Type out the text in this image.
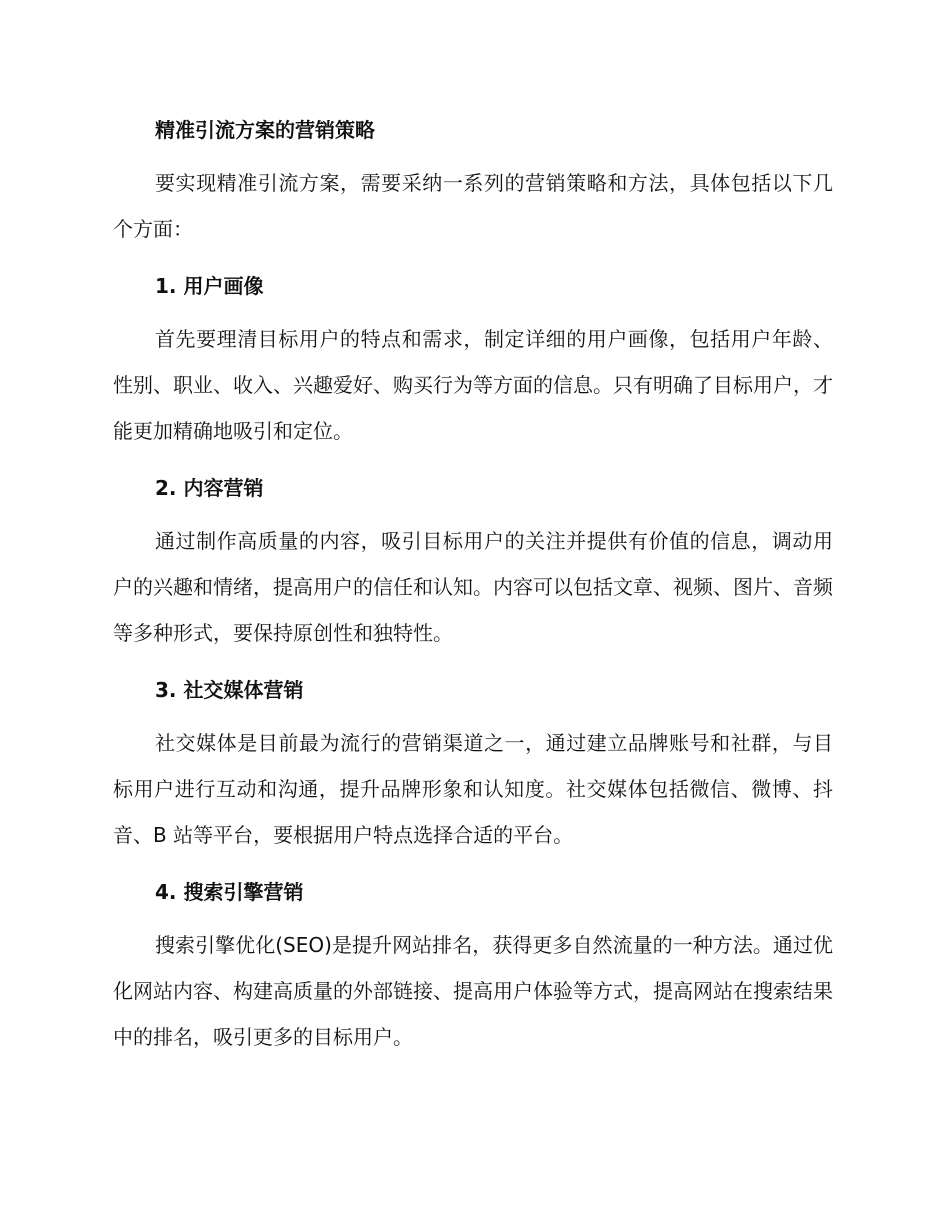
精准引流方案的营销策略

要实现精准引流方案，需要采纳一系列的营销策略和方法，具体包括以下几个方面：

1. 用户画像

首先要理清目标用户的特点和需求，制定详细的用户画像，包括用户年龄、性别、职业、收入、兴趣爱好、购买行为等方面的信息。只有明确了目标用户，才能更加精确地吸引和定位。

2. 内容营销

通过制作高质量的内容，吸引目标用户的关注并提供有价值的信息，调动用户的兴趣和情绪，提高用户的信任和认知。内容可以包括文章、视频、图片、音频等多种形式，要保持原创性和独特性。

3. 社交媒体营销

社交媒体是目前最为流行的营销渠道之一，通过建立品牌账号和社群，与目标用户进行互动和沟通，提升品牌形象和认知度。社交媒体包括微信、微博、抖音、B 站等平台，要根据用户特点选择合适的平台。

4. 搜索引擎营销

搜索引擎优化(SEO)是提升网站排名，获得更多自然流量的一种方法。通过优化网站内容、构建高质量的外部链接、提高用户体验等方式，提高网站在搜索结果中的排名，吸引更多的目标用户。
